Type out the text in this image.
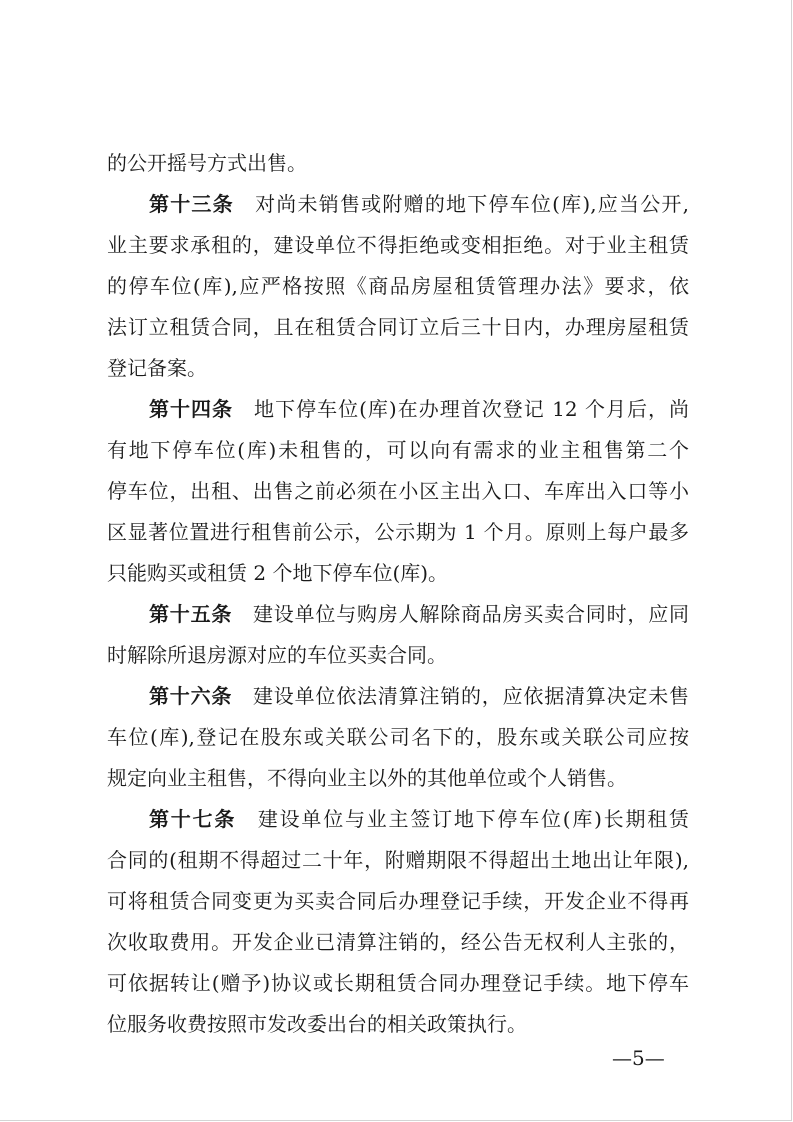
的公开摇号方式出售。
第十三条  对尚未销售或附赠的地下停车位(库),应当公开,
业主要求承租的，建设单位不得拒绝或变相拒绝。对于业主租赁
的停车位(库),应严格按照《商品房屋租赁管理办法》要求，依
法订立租赁合同，且在租赁合同订立后三十日内，办理房屋租赁
登记备案。
第十四条  地下停车位(库)在办理首次登记 12 个月后，尚
有地下停车位(库)未租售的，可以向有需求的业主租售第二个
停车位，出租、出售之前必须在小区主出入口、车库出入口等小
区显著位置进行租售前公示，公示期为 1 个月。原则上每户最多
只能购买或租赁 2 个地下停车位(库)。
第十五条  建设单位与购房人解除商品房买卖合同时，应同
时解除所退房源对应的车位买卖合同。
第十六条  建设单位依法清算注销的，应依据清算决定未售
车位(库),登记在股东或关联公司名下的，股东或关联公司应按
规定向业主租售，不得向业主以外的其他单位或个人销售。
第十七条  建设单位与业主签订地下停车位(库)长期租赁
合同的(租期不得超过二十年，附赠期限不得超出土地出让年限),
可将租赁合同变更为买卖合同后办理登记手续，开发企业不得再
次收取费用。开发企业已清算注销的，经公告无权利人主张的，
可依据转让(赠予)协议或长期租赁合同办理登记手续。地下停车
位服务收费按照市发改委出台的相关政策执行。
—5—
